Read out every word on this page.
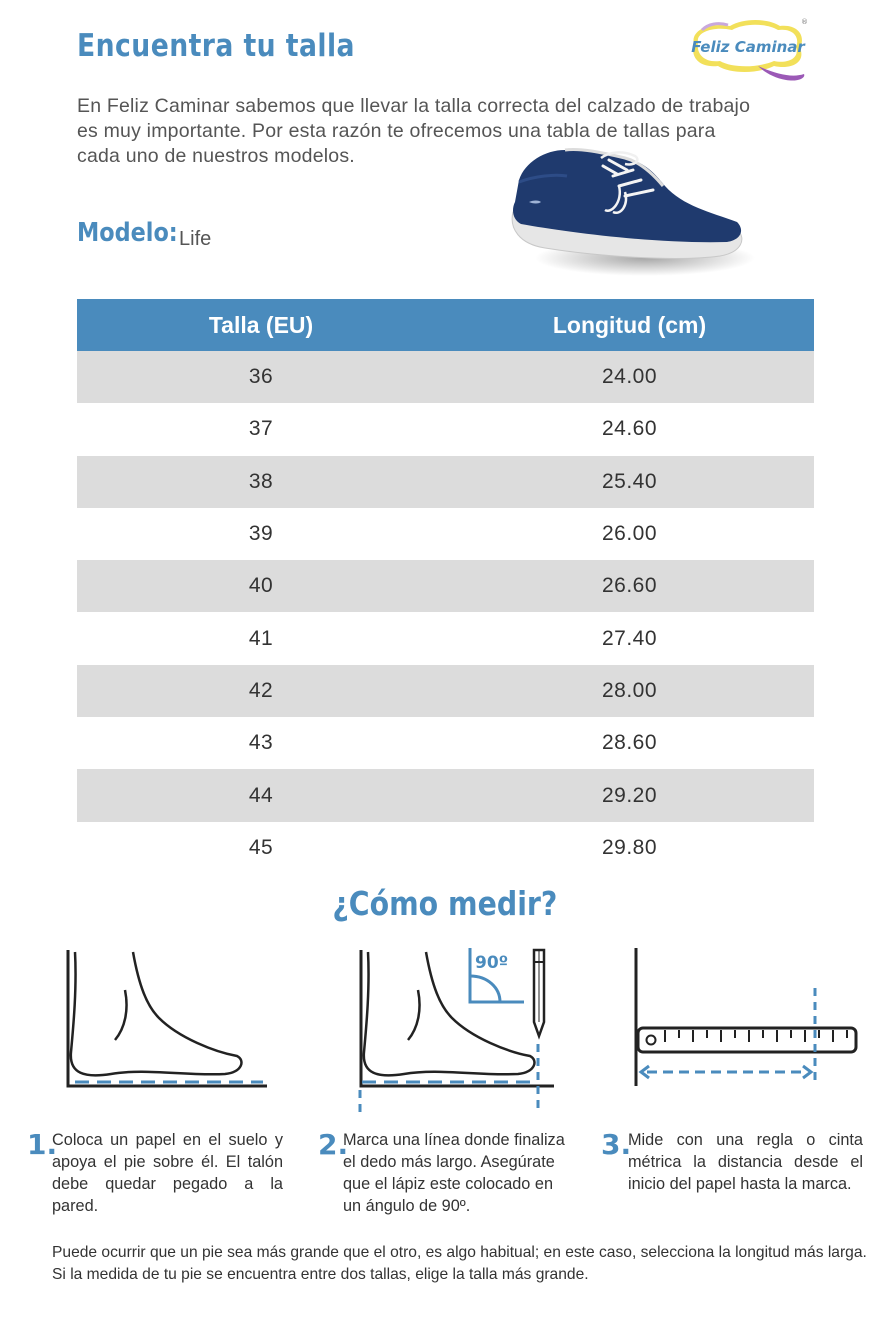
Encuentra tu talla	Feliz Caminar
®
En Feliz Caminar sabemos que llevar la talla correcta del calzado de trabajo
es muy importante. Por esta razón te ofrecemos una tabla de tallas para
cada uno de nuestros modelos.
Modelo: Life
Talla (EU)	Longitud (cm)
36	24.00
37	24.60
38	25.40
39	26.00
40	26.60
41	27.40
42	28.00
43	28.60
44	29.20
45	29.80
¿Cómo medir?
90º
1.
Coloca un papel en el suelo y apoya el pie sobre él. El talón debe quedar pegado a la pared.
2.
Marca una línea donde finaliza el dedo más largo. Asegúrate que el lápiz este colocado en un ángulo de 90º.
3.
Mide con una regla o cinta métrica la distancia desde el inicio del papel hasta la marca.
Puede ocurrir que un pie sea más grande que el otro, es algo habitual; en este caso, selecciona la longitud más larga. Si la medida de tu pie se encuentra entre dos tallas, elige la talla más grande.
